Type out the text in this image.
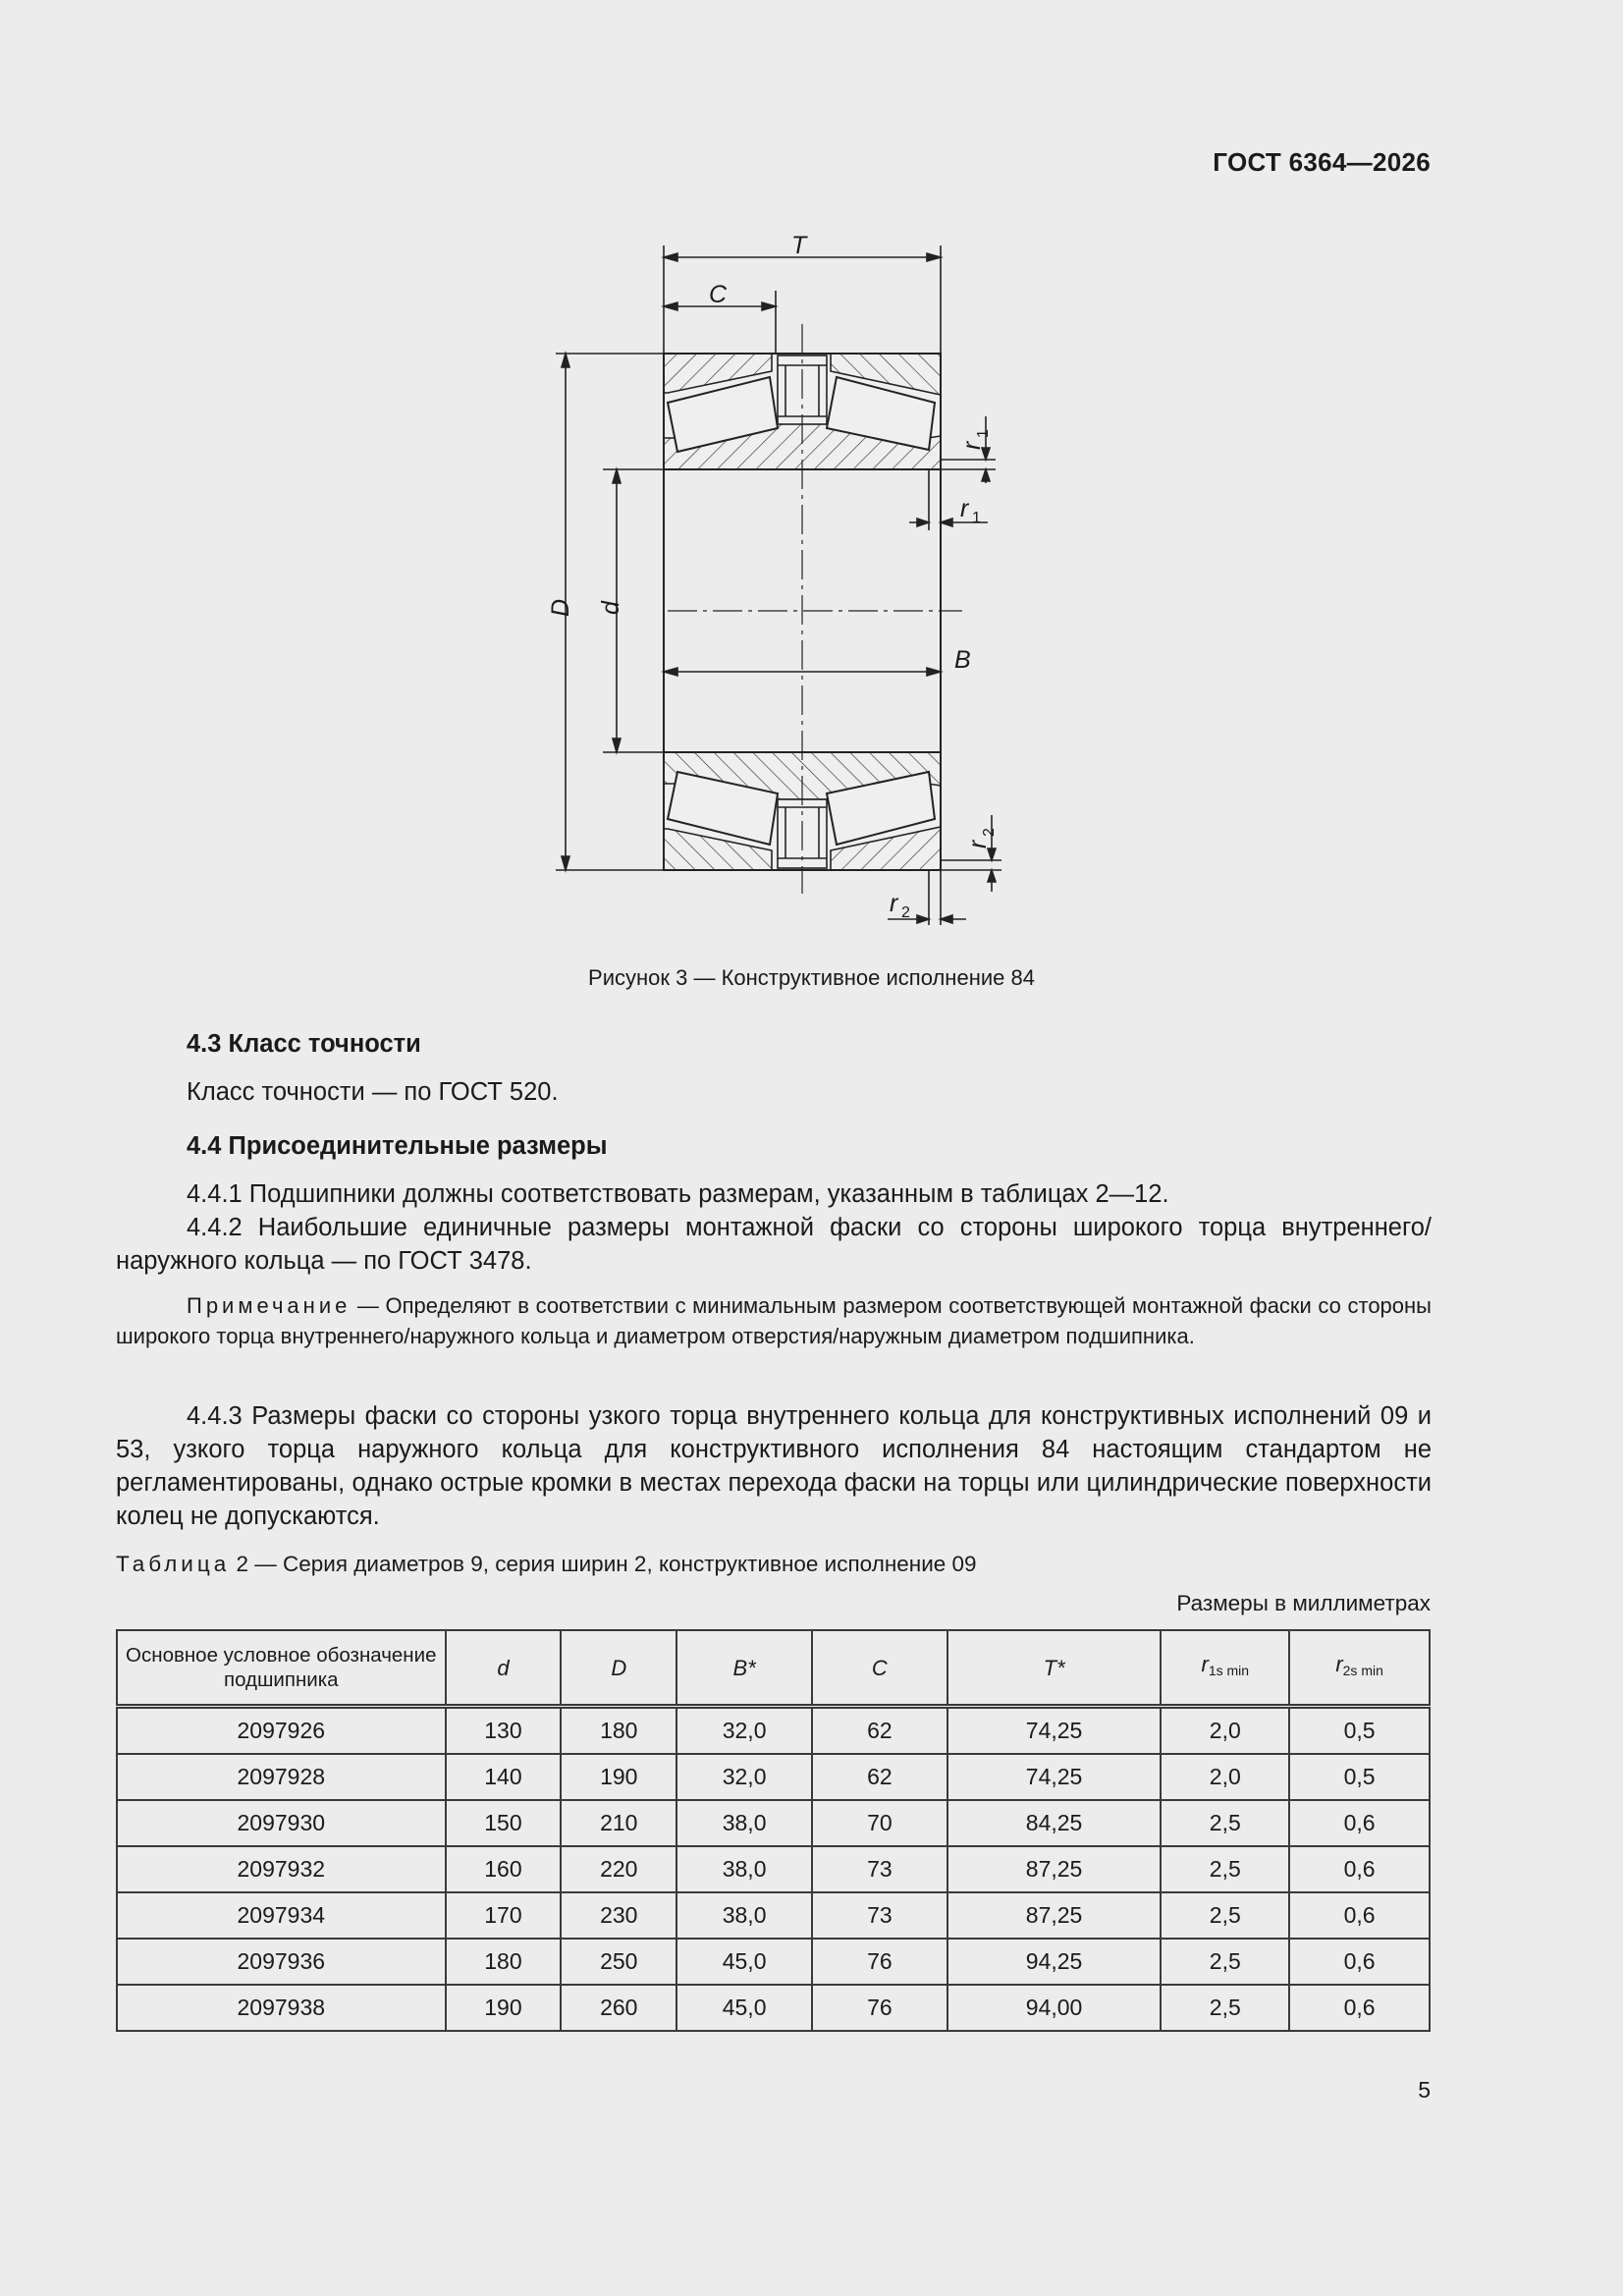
ГОСТ 6364—2026
T
C
D d
B
r
1
r 1
r
2
r 2
Рисунок 3 — Конструктивное исполнение 84
4.3 Класс точности
Класс точности — по ГОСТ 520.
4.4 Присоединительные размеры
4.4.1 Подшипники должны соответствовать размерам, указанным в таблицах 2—12.
4.4.2 Наибольшие единичные размеры монтажной фаски со стороны широкого торца внутреннего/наружного кольца — по ГОСТ 3478.
Примечание — Определяют в соответствии с минимальным размером соответствующей монтажной фаски со стороны широкого торца внутреннего/наружного кольца и диаметром отверстия/наружным диаметром подшипника.
4.4.3 Размеры фаски со стороны узкого торца внутреннего кольца для конструктивных исполнений 09 и 53, узкого торца наружного кольца для конструктивного исполнения 84 настоящим стандартом не регламентированы, однако острые кромки в местах перехода фаски на торцы или цилиндрические поверхности колец не допускаются.
Таблица 2 — Серия диаметров 9, серия ширин 2, конструктивное исполнение 09
Размеры в миллиметрах
Основное условное обозначение подшипника	d	D	B*	C	T*	$r_{1s min}$	$r_{2s min}$
2097926	130	180	32,0	62	74,25	2,0	0,5
2097928	140	190	32,0	62	74,25	2,0	0,5
2097930	150	210	38,0	70	84,25	2,5	0,6
2097932	160	220	38,0	73	87,25	2,5	0,6
2097934	170	230	38,0	73	87,25	2,5	0,6
2097936	180	250	45,0	76	94,25	2,5	0,6
2097938	190	260	45,0	76	94,00	2,5	0,6
5
